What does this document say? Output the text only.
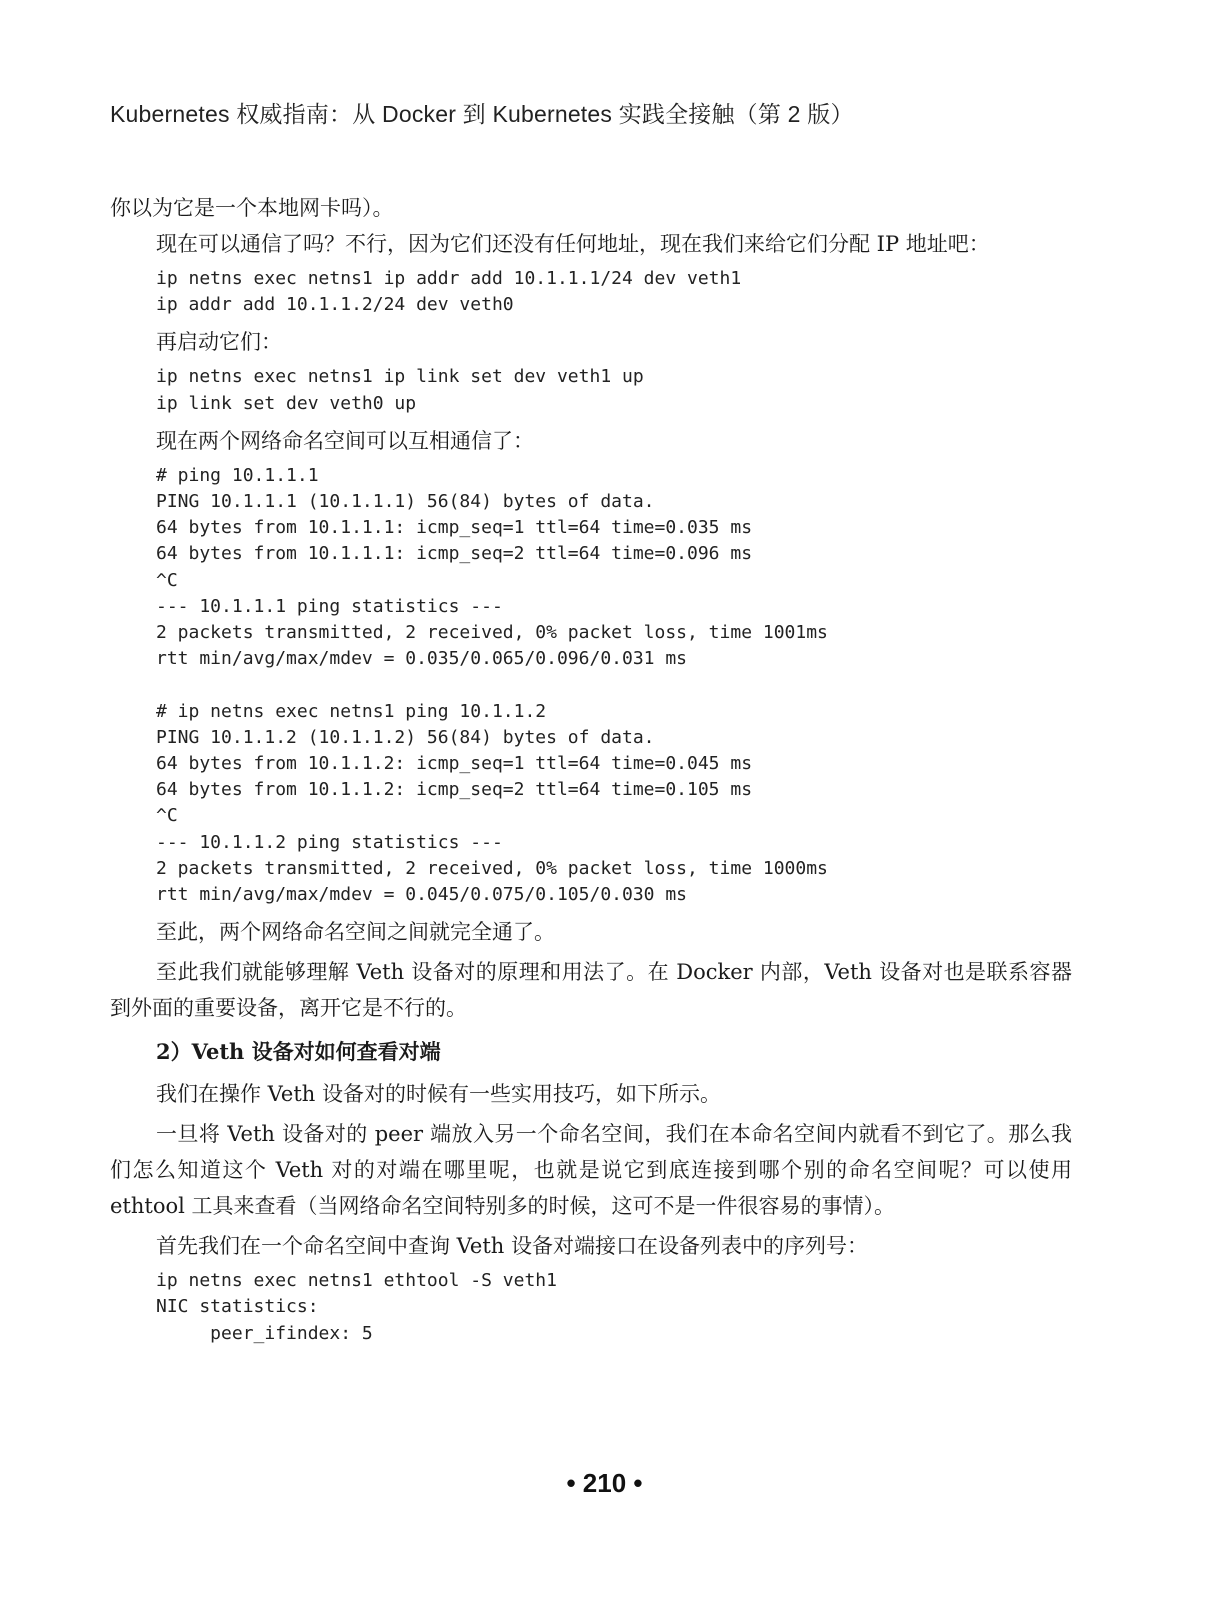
Kubernetes 权威指南：从 Docker 到 Kubernetes 实践全接触（第 2 版）

你以为它是一个本地网卡吗）。

现在可以通信了吗？不行，因为它们还没有任何地址，现在我们来给它们分配 IP 地址吧：

ip netns exec netns1 ip addr add 10.1.1.1/24 dev veth1
ip addr add 10.1.1.2/24 dev veth0

再启动它们：

ip netns exec netns1 ip link set dev veth1 up
ip link set dev veth0 up

现在两个网络命名空间可以互相通信了：

# ping 10.1.1.1
PING 10.1.1.1 (10.1.1.1) 56(84) bytes of data.
64 bytes from 10.1.1.1: icmp_seq=1 ttl=64 time=0.035 ms
64 bytes from 10.1.1.1: icmp_seq=2 ttl=64 time=0.096 ms
^C
--- 10.1.1.1 ping statistics ---
2 packets transmitted, 2 received, 0% packet loss, time 1001ms
rtt min/avg/max/mdev = 0.035/0.065/0.096/0.031 ms

# ip netns exec netns1 ping 10.1.1.2
PING 10.1.1.2 (10.1.1.2) 56(84) bytes of data.
64 bytes from 10.1.1.2: icmp_seq=1 ttl=64 time=0.045 ms
64 bytes from 10.1.1.2: icmp_seq=2 ttl=64 time=0.105 ms
^C
--- 10.1.1.2 ping statistics ---
2 packets transmitted, 2 received, 0% packet loss, time 1000ms
rtt min/avg/max/mdev = 0.045/0.075/0.105/0.030 ms

至此，两个网络命名空间之间就完全通了。

至此我们就能够理解 Veth 设备对的原理和用法了。在 Docker 内部，Veth 设备对也是联系容器到外面的重要设备，离开它是不行的。

2）Veth 设备对如何查看对端

我们在操作 Veth 设备对的时候有一些实用技巧，如下所示。

一旦将 Veth 设备对的 peer 端放入另一个命名空间，我们在本命名空间内就看不到它了。那么我们怎么知道这个 Veth 对的对端在哪里呢，也就是说它到底连接到哪个别的命名空间呢？可以使用 ethtool 工具来查看（当网络命名空间特别多的时候，这可不是一件很容易的事情）。

首先我们在一个命名空间中查询 Veth 设备对端接口在设备列表中的序列号：

ip netns exec netns1 ethtool -S veth1
NIC statistics:
peer_ifindex: 5
• 210 •
